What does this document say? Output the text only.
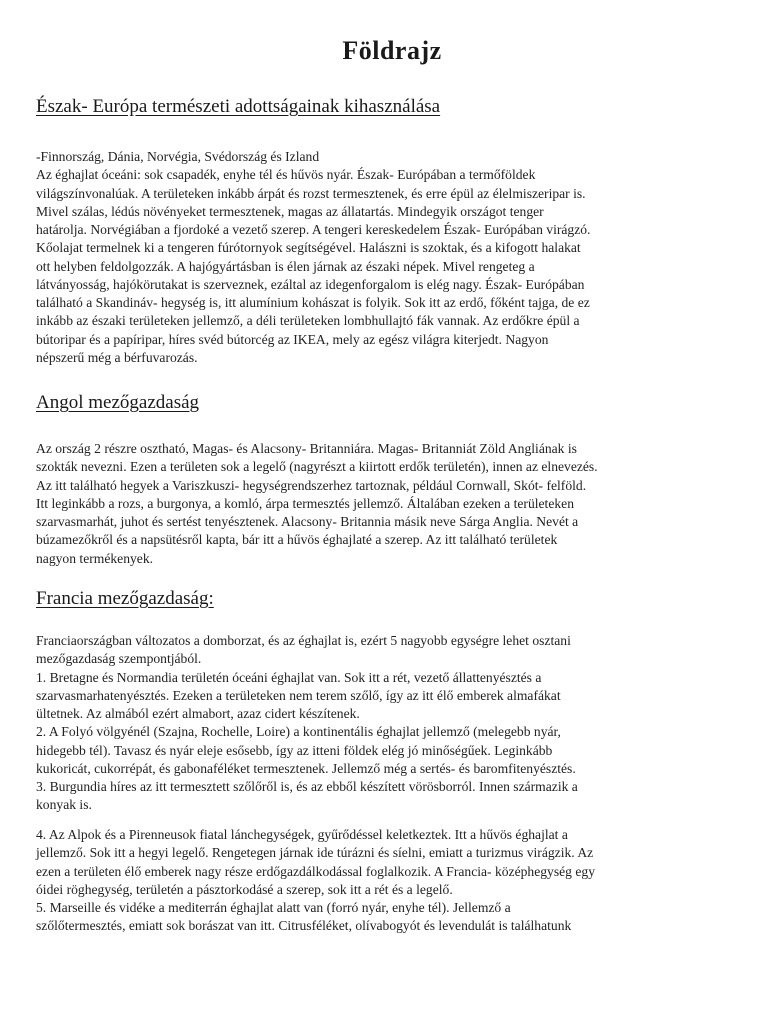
Földrajz
Észak- Európa természeti adottságainak kihasználása

-Finnország, Dánia, Norvégia, Svédország és Izland
Az éghajlat óceáni: sok csapadék, enyhe tél és hűvös nyár. Észak- Európában a termőföldek
világszínvonalúak. A területeken inkább árpát és rozst termesztenek, és erre épül az élelmiszeripar is.
Mivel szálas, lédús növényeket termesztenek, magas az állatartás. Mindegyik országot tenger
határolja. Norvégiában a fjordoké a vezető szerep. A tengeri kereskedelem Észak- Európában virágzó.
Kőolajat termelnek ki a tengeren fúrótornyok segítségével. Halászni is szoktak, és a kifogott halakat
ott helyben feldolgozzák. A hajógyártásban is élen járnak az északi népek. Mivel rengeteg a
látványosság, hajókörutakat is szerveznek, ezáltal az idegenforgalom is elég nagy. Észak- Európában
található a Skandináv- hegység is, itt alumínium kohászat is folyik. Sok itt az erdő, főként tajga, de ez
inkább az északi területeken jellemző, a déli területeken lombhullajtó fák vannak. Az erdőkre épül a
bútoripar és a papíripar, híres svéd bútorcég az IKEA, mely az egész világra kiterjedt. Nagyon
népszerű még a bérfuvarozás.

Angol mezőgazdaság

Az ország 2 részre osztható, Magas- és Alacsony- Britanniára. Magas- Britanniát Zöld Angliának is
szokták nevezni. Ezen a területen sok a legelő (nagyrészt a kiirtott erdők területén), innen az elnevezés.
Az itt található hegyek a Variszkuszi- hegységrendszerhez tartoznak, például Cornwall, Skót- felföld.
Itt leginkább a rozs, a burgonya, a komló, árpa termesztés jellemző. Általában ezeken a területeken
szarvasmarhát, juhot és sertést tenyésztenek. Alacsony- Britannia másik neve Sárga Anglia. Nevét a
búzamezőkről és a napsütésről kapta, bár itt a hűvös éghajlaté a szerep. Az itt található területek
nagyon termékenyek.

Francia mezőgazdaság:

Franciaországban változatos a domborzat, és az éghajlat is, ezért 5 nagyobb egységre lehet osztani
mezőgazdaság szempontjából.
1. Bretagne és Normandia területén óceáni éghajlat van. Sok itt a rét, vezető állattenyésztés a
szarvasmarhatenyésztés. Ezeken a területeken nem terem szőlő, így az itt élő emberek almafákat
ültetnek. Az almából ezért almabort, azaz cidert készítenek.
2. A Folyó völgyénél (Szajna, Rochelle, Loire) a kontinentális éghajlat jellemző (melegebb nyár,
hidegebb tél). Tavasz és nyár eleje esősebb, így az itteni földek elég jó minőségűek. Leginkább
kukoricát, cukorrépát, és gabonaféléket termesztenek. Jellemző még a sertés- és baromfitenyésztés.
3. Burgundia híres az itt termesztett szőlőről is, és az ebből készített vörösborról. Innen származik a
konyak is.

4. Az Alpok és a Pirenneusok fiatal lánchegységek, gyűrődéssel keletkeztek. Itt a hűvös éghajlat a
jellemző. Sok itt a hegyi legelő. Rengetegen járnak ide túrázni és síelni, emiatt a turizmus virágzik. Az
ezen a területen élő emberek nagy része erdőgazdálkodással foglalkozik. A Francia- középhegység egy
óidei röghegység, területén a pásztorkodásé a szerep, sok itt a rét és a legelő.
5. Marseille és vidéke a mediterrán éghajlat alatt van (forró nyár, enyhe tél). Jellemző a
szőlőtermesztés, emiatt sok borászat van itt. Citrusféléket, olívabogyót és levendulát is találhatunk
